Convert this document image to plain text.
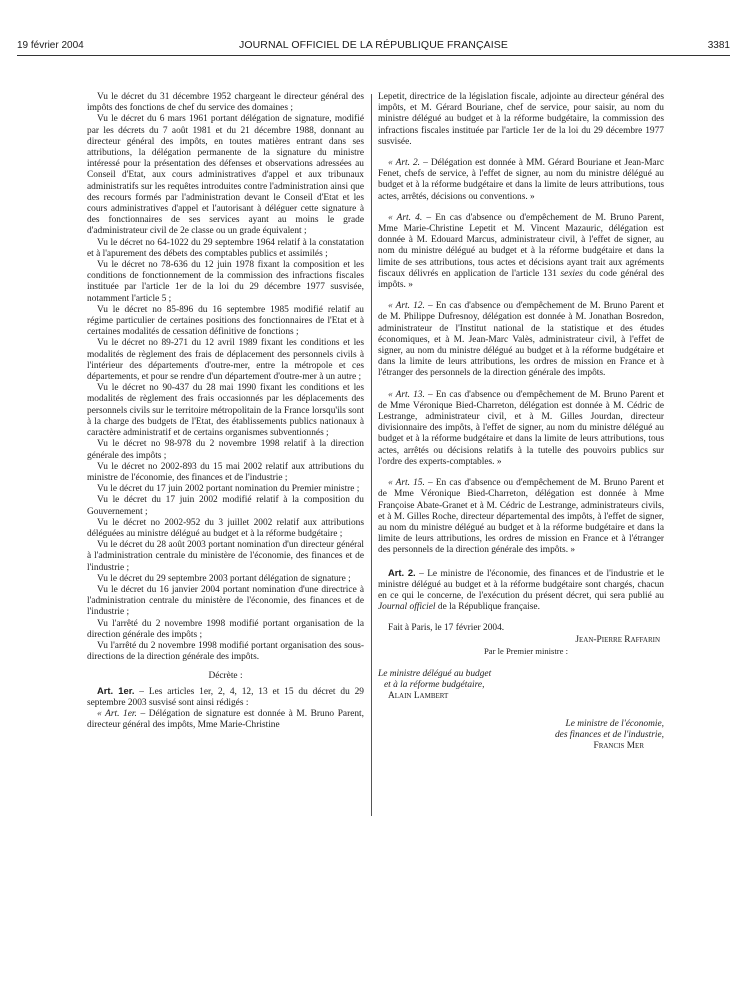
19 février 2004	JOURNAL OFFICIEL DE LA RÉPUBLIQUE FRANÇAISE	3381

Vu le décret du 31 décembre 1952 chargeant le directeur général des impôts des fonctions de chef du service des domaines ;

Vu le décret du 6 mars 1961 portant délégation de signature, modifié par les décrets du 7 août 1981 et du 21 décembre 1988, donnant au directeur général des impôts, en toutes matières entrant dans ses attributions, la délégation permanente de la signature du ministre intéressé pour la présentation des défenses et observations adressées au Conseil d'Etat, aux cours administratives d'appel et aux tribunaux administratifs sur les requêtes introduites contre l'administration ainsi que des recours formés par l'administration devant le Conseil d'Etat et les cours administratives d'appel et l'autorisant à déléguer cette signature à des fonctionnaires de ses services ayant au moins le grade d'administrateur civil de 2e classe ou un grade équivalent ;

Vu le décret no 64-1022 du 29 septembre 1964 relatif à la constatation et à l'apurement des débets des comptables publics et assimilés ;

Vu le décret no 78-636 du 12 juin 1978 fixant la composition et les conditions de fonctionnement de la commission des infractions fiscales instituée par l'article 1er de la loi du 29 décembre 1977 susvisée, notamment l'article 5 ;

Vu le décret no 85-896 du 16 septembre 1985 modifié relatif au régime particulier de certaines positions des fonctionnaires de l'Etat et à certaines modalités de cessation définitive de fonctions ;

Vu le décret no 89-271 du 12 avril 1989 fixant les conditions et les modalités de règlement des frais de déplacement des personnels civils à l'intérieur des départements d'outre-mer, entre la métropole et ces départements, et pour se rendre d'un département d'outre-mer à un autre ;

Vu le décret no 90-437 du 28 mai 1990 fixant les conditions et les modalités de règlement des frais occasionnés par les déplacements des personnels civils sur le territoire métropolitain de la France lorsqu'ils sont à la charge des budgets de l'Etat, des établissements publics nationaux à caractère administratif et de certains organismes subventionnés ;

Vu le décret no 98-978 du 2 novembre 1998 relatif à la direction générale des impôts ;

Vu le décret no 2002-893 du 15 mai 2002 relatif aux attributions du ministre de l'économie, des finances et de l'industrie ;

Vu le décret du 17 juin 2002 portant nomination du Premier ministre ;

Vu le décret du 17 juin 2002 modifié relatif à la composition du Gouvernement ;

Vu le décret no 2002-952 du 3 juillet 2002 relatif aux attributions déléguées au ministre délégué au budget et à la réforme budgétaire ;

Vu le décret du 28 août 2003 portant nomination d'un directeur général à l'administration centrale du ministère de l'économie, des finances et de l'industrie ;

Vu le décret du 29 septembre 2003 portant délégation de signature ;

Vu le décret du 16 janvier 2004 portant nomination d'une directrice à l'administration centrale du ministère de l'économie, des finances et de l'industrie ;

Vu l'arrêté du 2 novembre 1998 modifié portant organisation de la direction générale des impôts ;

Vu l'arrêté du 2 novembre 1998 modifié portant organisation des sous-directions de la direction générale des impôts.

Décrète :

Art. 1er. – Les articles 1er, 2, 4, 12, 13 et 15 du décret du 29 septembre 2003 susvisé sont ainsi rédigés :

« Art. 1er. – Délégation de signature est donnée à M. Bruno Parent, directeur général des impôts, Mme Marie-Christine

Lepetit, directrice de la législation fiscale, adjointe au directeur général des impôts, et M. Gérard Bouriane, chef de service, pour saisir, au nom du ministre délégué au budget et à la réforme budgétaire, la commission des infractions fiscales instituée par l'article 1er de la loi du 29 décembre 1977 susvisée.

« Art. 2. – Délégation est donnée à MM. Gérard Bouriane et Jean-Marc Fenet, chefs de service, à l'effet de signer, au nom du ministre délégué au budget et à la réforme budgétaire et dans la limite de leurs attributions, tous actes, arrêtés, décisions ou conventions. »

« Art. 4. – En cas d'absence ou d'empêchement de M. Bruno Parent, Mme Marie-Christine Lepetit et M. Vincent Mazauric, délégation est donnée à M. Edouard Marcus, administrateur civil, à l'effet de signer, au nom du ministre délégué au budget et à la réforme budgétaire et dans la limite de ses attributions, tous actes et décisions ayant trait aux agréments fiscaux délivrés en application de l'article 131 sexies du code général des impôts. »

« Art. 12. – En cas d'absence ou d'empêchement de M. Bruno Parent et de M. Philippe Dufresnoy, délégation est donnée à M. Jonathan Bosredon, administrateur de l'Institut national de la statistique et des études économiques, et à M. Jean-Marc Valès, administrateur civil, à l'effet de signer, au nom du ministre délégué au budget et à la réforme budgétaire et dans la limite de leurs attributions, les ordres de mission en France et à l'étranger des personnels de la direction générale des impôts.

« Art. 13. – En cas d'absence ou d'empêchement de M. Bruno Parent et de Mme Véronique Bied-Charreton, délégation est donnée à M. Cédric de Lestrange, administrateur civil, et à M. Gilles Jourdan, directeur divisionnaire des impôts, à l'effet de signer, au nom du ministre délégué au budget et à la réforme budgétaire et dans la limite de leurs attributions, tous actes, arrêtés ou décisions relatifs à la tutelle des pouvoirs publics sur l'ordre des experts-comptables. »

« Art. 15. – En cas d'absence ou d'empêchement de M. Bruno Parent et de Mme Véronique Bied-Charreton, délégation est donnée à Mme Françoise Abate-Granet et à M. Cédric de Lestrange, administrateurs civils, et à M. Gilles Roche, directeur départemental des impôts, à l'effet de signer, au nom du ministre délégué au budget et à la réforme budgétaire et dans la limite de leurs attributions, les ordres de mission en France et à l'étranger des personnels de la direction générale des impôts. »

Art. 2. – Le ministre de l'économie, des finances et de l'industrie et le ministre délégué au budget et à la réforme budgétaire sont chargés, chacun en ce qui le concerne, de l'exécution du présent décret, qui sera publié au Journal officiel de la République française.

Fait à Paris, le 17 février 2004.

Jean-Pierre Raffarin

Par le Premier ministre :

Le ministre délégué au budget
et à la réforme budgétaire,
Alain Lambert
Le ministre de l'économie,
des finances et de l'industrie,
Francis Mer
